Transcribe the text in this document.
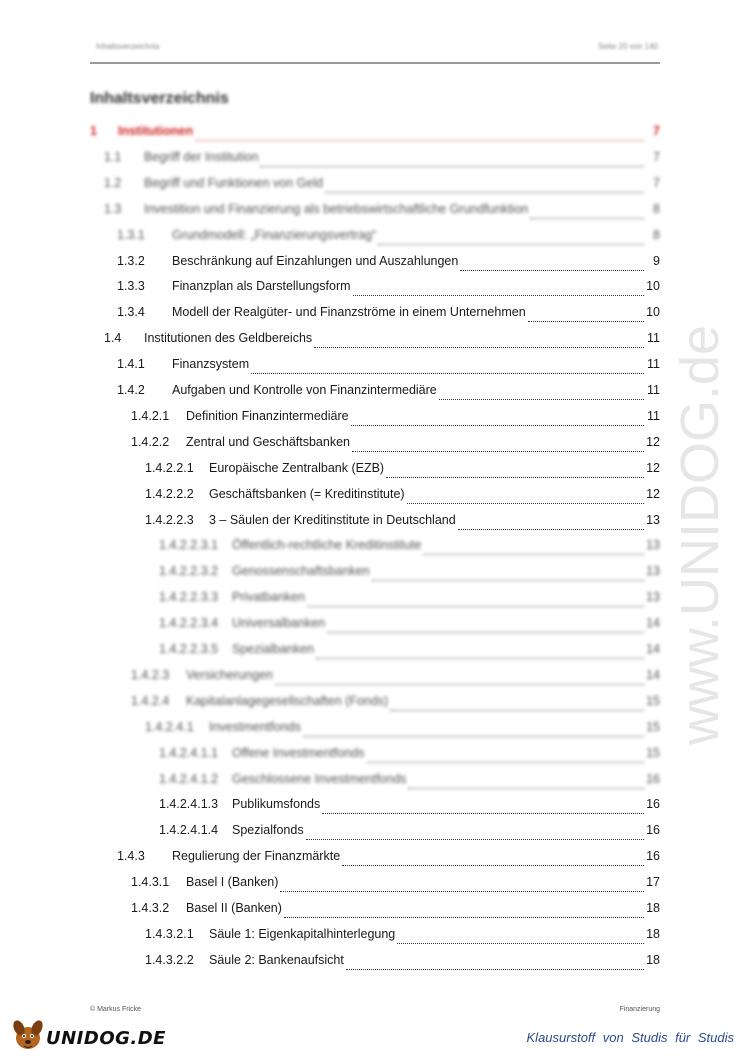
Inhaltsverzeichnis	Seite 20 von 140
Inhaltsverzeichnis
1	Institutionen	7
1.1	Begriff der Institution	7
1.2	Begriff und Funktionen von Geld	7
1.3	Investition und Finanzierung als betriebswirtschaftliche Grundfunktion	8
1.3.1	Grundmodell: „Finanzierungsvertrag“	8
1.3.2	Beschränkung auf Einzahlungen und Auszahlungen	9
1.3.3	Finanzplan als Darstellungsform	10
1.3.4	Modell der Realgüter- und Finanzströme in einem Unternehmen	10
1.4	Institutionen des Geldbereichs	11
1.4.1	Finanzsystem	11
1.4.2	Aufgaben und Kontrolle von Finanzintermediäre	11
1.4.2.1	Definition Finanzintermediäre	11
1.4.2.2	Zentral und Geschäftsbanken	12
1.4.2.2.1	Europäische Zentralbank (EZB)	12
1.4.2.2.2	Geschäftsbanken (= Kreditinstitute)	12
1.4.2.2.3	3 – Säulen der Kreditinstitute in Deutschland	13
1.4.2.2.3.1	Öffentlich-rechtliche Kreditinstitute	13
1.4.2.2.3.2	Genossenschaftsbanken	13
1.4.2.2.3.3	Privatbanken	13
1.4.2.2.3.4	Universalbanken	14
1.4.2.2.3.5	Spezialbanken	14
1.4.2.3	Versicherungen	14
1.4.2.4	Kapitalanlagegesellschaften (Fonds)	15
1.4.2.4.1	Investmentfonds	15
1.4.2.4.1.1	Offene Investmentfonds	15
1.4.2.4.1.2	Geschlossene Investmentfonds	16
1.4.2.4.1.3	Publikumsfonds	16
1.4.2.4.1.4	Spezialfonds	16
1.4.3	Regulierung der Finanzmärkte	16
1.4.3.1	Basel I (Banken)	17
1.4.3.2	Basel II (Banken)	18
1.4.3.2.1	Säule 1: Eigenkapitalhinterlegung	18
1.4.3.2.2	Säule 2: Bankenaufsicht	18
© Markus Fricke	Finanzierung
UNIDOG.DE	Klausurstoff von Studis für Studis
www.UNIDOG.de
